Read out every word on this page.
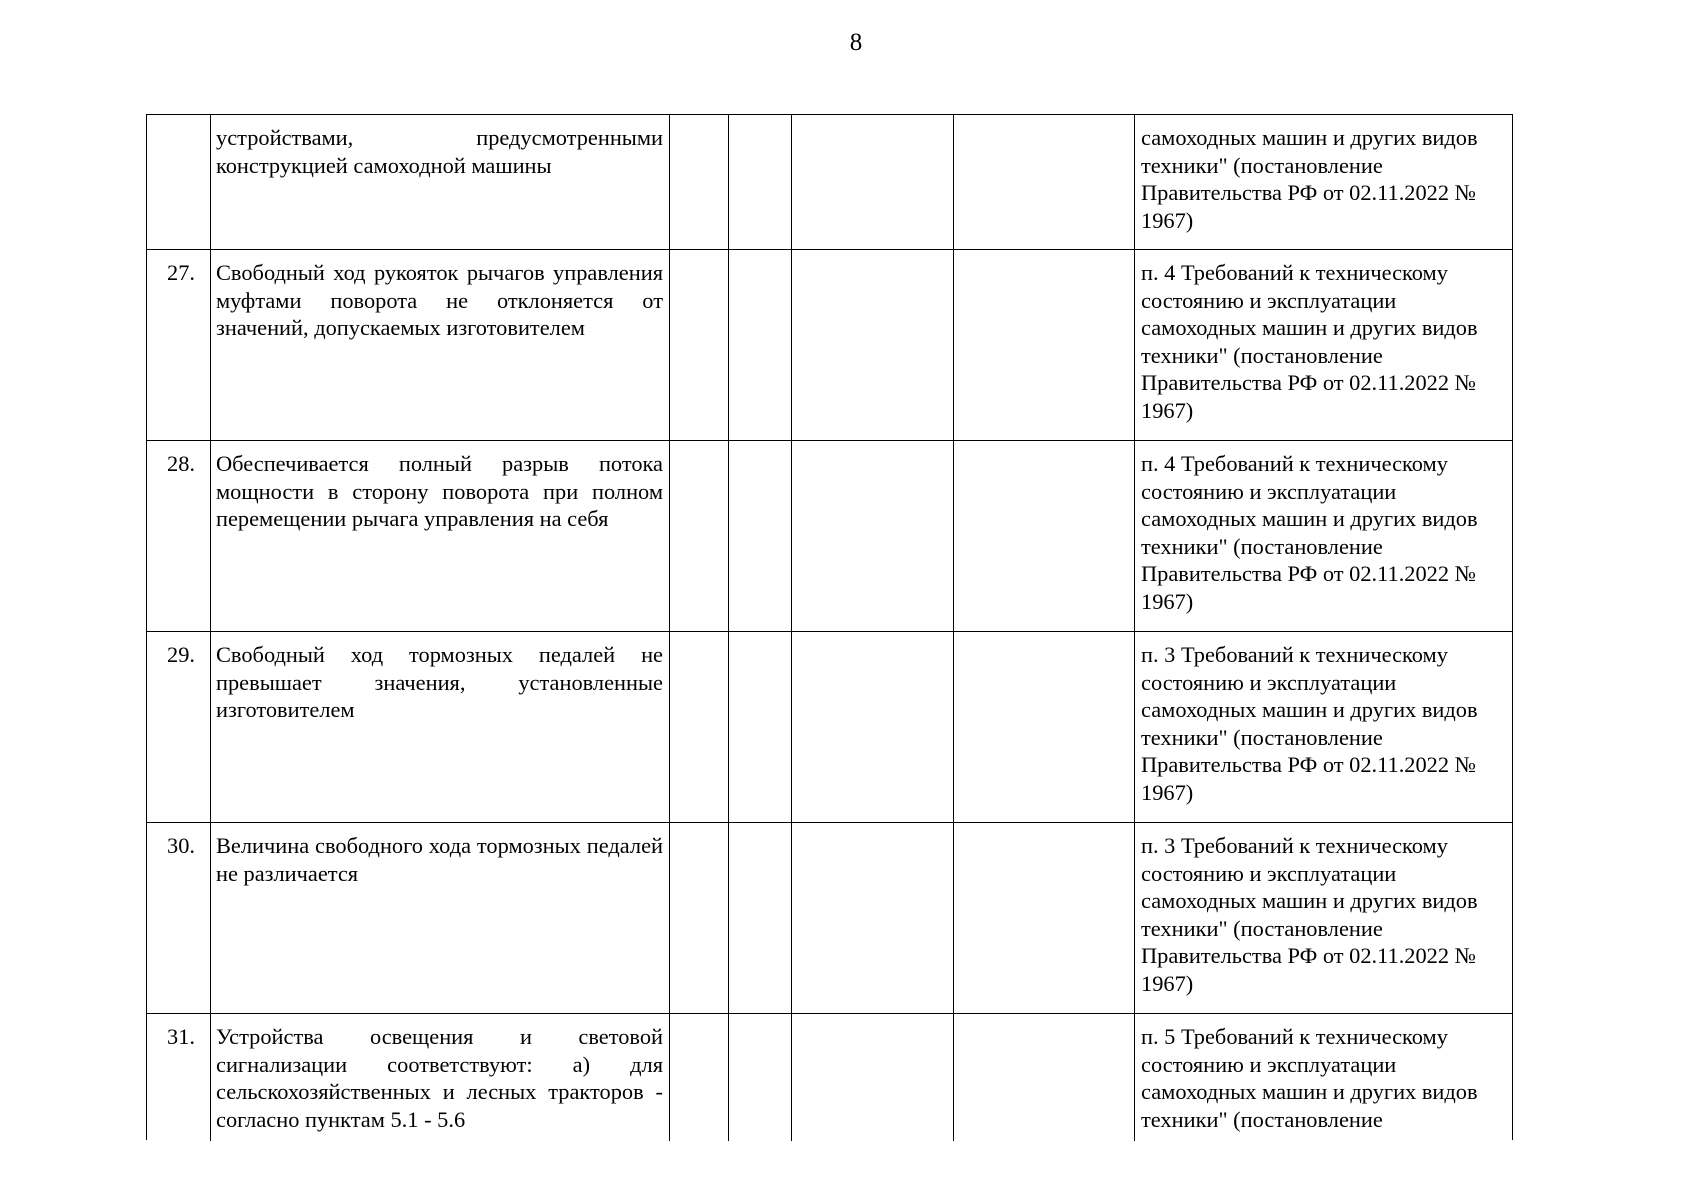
8
устройствами, предусмотренными конструкцией самоходной машины
самоходных машин и других видов техники" (постановление Правительства РФ от 02.11.2022 № 1967)
27. Свободный ход рукояток рычагов управления муфтами поворота не отклоняется от значений, допускаемых изготовителем
п. 4 Требований к техническому состоянию и эксплуатации самоходных машин и других видов техники" (постановление Правительства РФ от 02.11.2022 № 1967)
28. Обеспечивается полный разрыв потока мощности в сторону поворота при полном перемещении рычага управления на себя
п. 4 Требований к техническому состоянию и эксплуатации самоходных машин и других видов техники" (постановление Правительства РФ от 02.11.2022 № 1967)
29. Свободный ход тормозных педалей не превышает значения, установленные изготовителем
п. 3 Требований к техническому состоянию и эксплуатации самоходных машин и других видов техники" (постановление Правительства РФ от 02.11.2022 № 1967)
30. Величина свободного хода тормозных педалей не различается
п. 3 Требований к техническому состоянию и эксплуатации самоходных машин и других видов техники" (постановление Правительства РФ от 02.11.2022 № 1967)
31. Устройства освещения и световой сигнализации соответствуют: а) для сельскохозяйственных и лесных тракторов - согласно пунктам 5.1 - 5.6
п. 5 Требований к техническому состоянию и эксплуатации самоходных машин и других видов техники" (постановление
